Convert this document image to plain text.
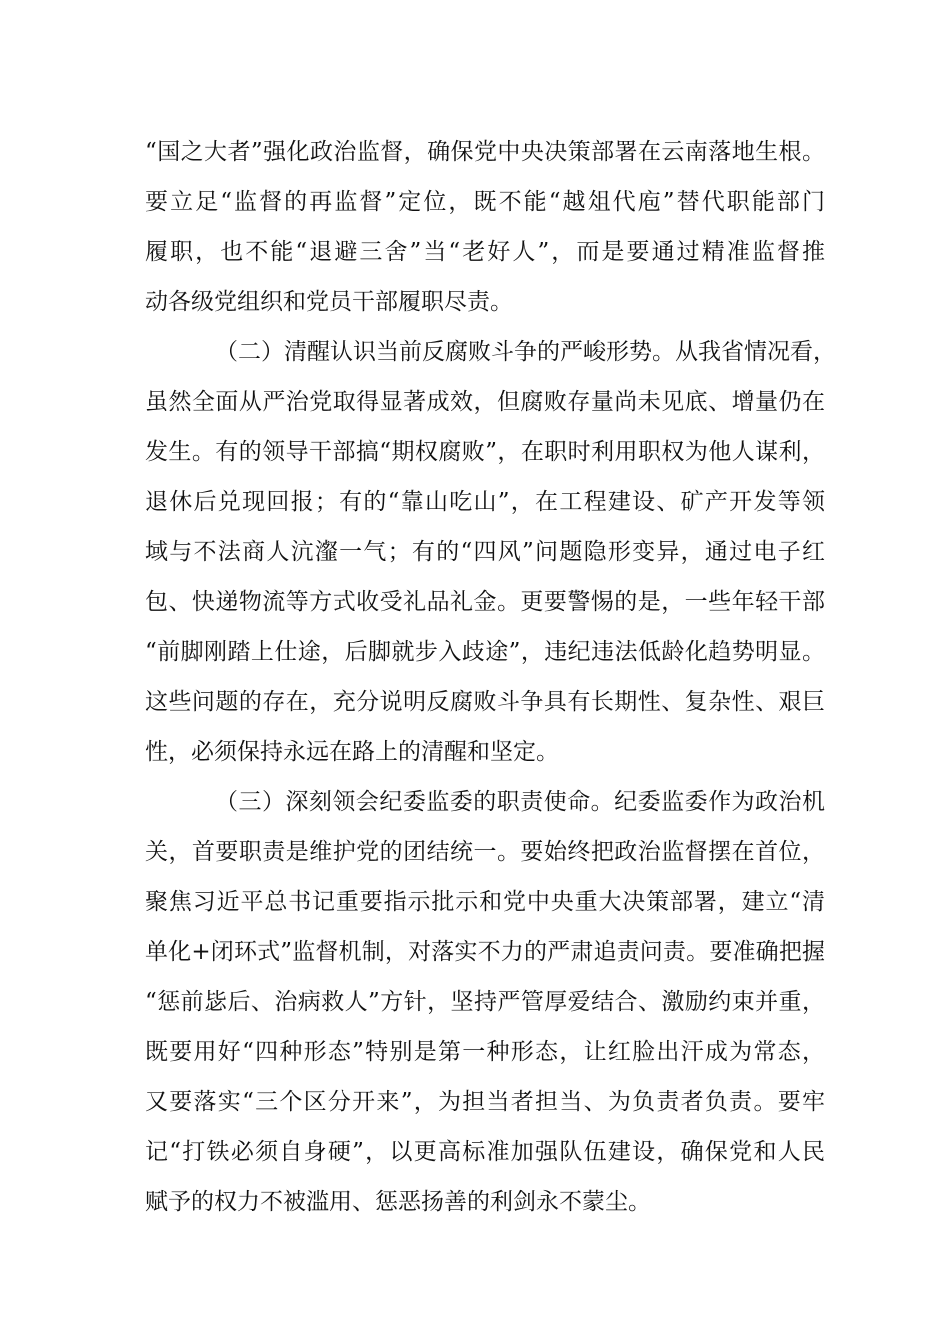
“国之大者”强化政治监督，确保党中央决策部署在云南落地生根。
要立足“监督的再监督”定位，既不能“越俎代庖”替代职能部门
履职，也不能“退避三舍”当“老好人”，而是要通过精准监督推
动各级党组织和党员干部履职尽责。
（二）清醒认识当前反腐败斗争的严峻形势。从我省情况看，
虽然全面从严治党取得显著成效，但腐败存量尚未见底、增量仍在
发生。有的领导干部搞“期权腐败”，在职时利用职权为他人谋利，
退休后兑现回报；有的“靠山吃山”，在工程建设、矿产开发等领
域与不法商人沆瀣一气；有的“四风”问题隐形变异，通过电子红
包、快递物流等方式收受礼品礼金。更要警惕的是，一些年轻干部
“前脚刚踏上仕途，后脚就步入歧途”，违纪违法低龄化趋势明显。
这些问题的存在，充分说明反腐败斗争具有长期性、复杂性、艰巨
性，必须保持永远在路上的清醒和坚定。
（三）深刻领会纪委监委的职责使命。纪委监委作为政治机
关，首要职责是维护党的团结统一。要始终把政治监督摆在首位，
聚焦习近平总书记重要指示批示和党中央重大决策部署，建立“清
单化+闭环式”监督机制，对落实不力的严肃追责问责。要准确把握
“惩前毖后、治病救人”方针，坚持严管厚爱结合、激励约束并重，
既要用好“四种形态”特别是第一种形态，让红脸出汗成为常态，
又要落实“三个区分开来”，为担当者担当、为负责者负责。要牢
记“打铁必须自身硬”，以更高标准加强队伍建设，确保党和人民
赋予的权力不被滥用、惩恶扬善的利剑永不蒙尘。
